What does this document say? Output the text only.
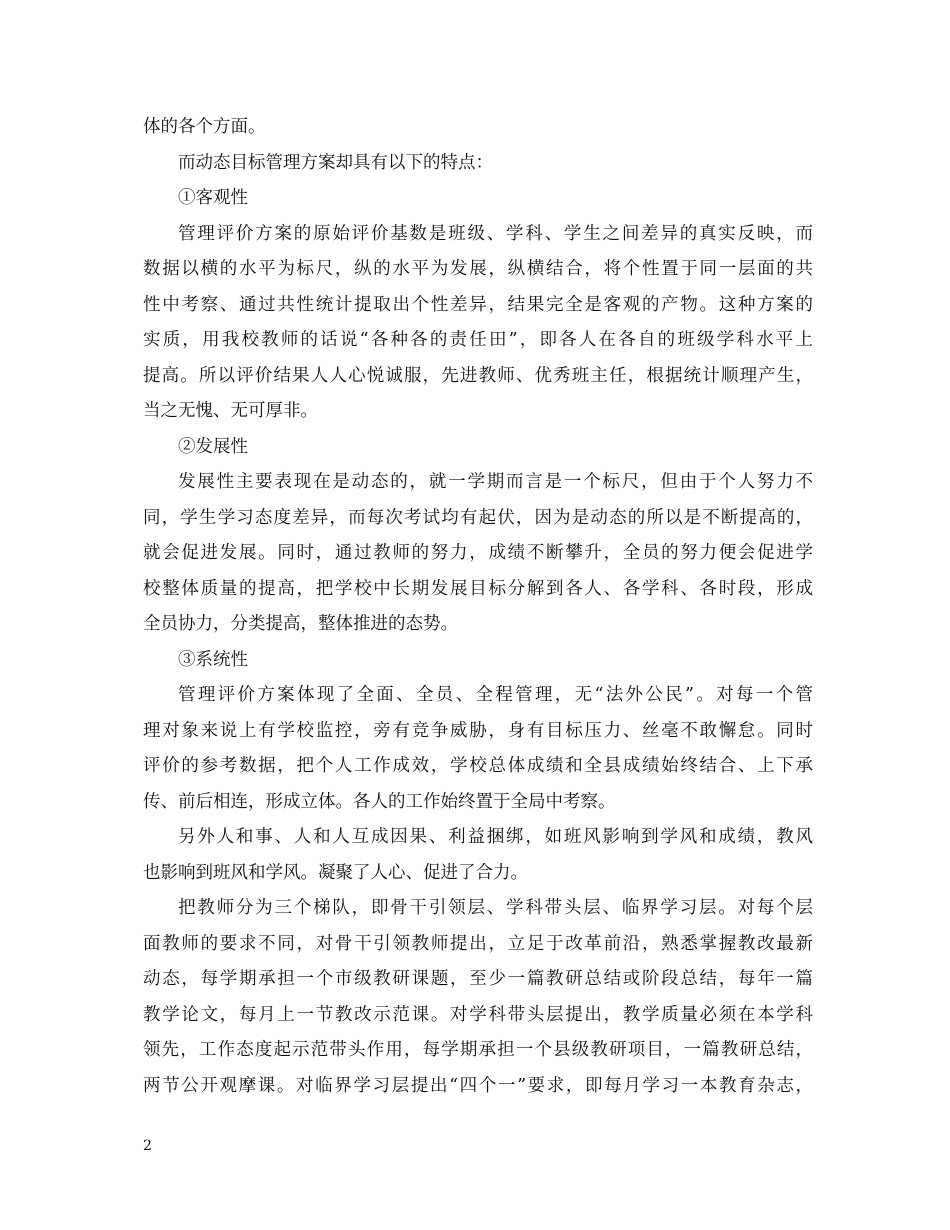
体的各个方面。
而动态目标管理方案却具有以下的特点：
①客观性
管理评价方案的原始评价基数是班级、学科、学生之间差异的真实反映，而
数据以横的水平为标尺，纵的水平为发展，纵横结合，将个性置于同一层面的共
性中考察、通过共性统计提取出个性差异，结果完全是客观的产物。这种方案的
实质，用我校教师的话说“各种各的责任田”，即各人在各自的班级学科水平上
提高。所以评价结果人人心悦诚服，先进教师、优秀班主任，根据统计顺理产生，
当之无愧、无可厚非。
②发展性
发展性主要表现在是动态的，就一学期而言是一个标尺，但由于个人努力不
同，学生学习态度差异，而每次考试均有起伏，因为是动态的所以是不断提高的，
就会促进发展。同时，通过教师的努力，成绩不断攀升，全员的努力便会促进学
校整体质量的提高，把学校中长期发展目标分解到各人、各学科、各时段，形成
全员协力，分类提高，整体推进的态势。
③系统性
管理评价方案体现了全面、全员、全程管理，无“法外公民”。对每一个管
理对象来说上有学校监控，旁有竞争威胁，身有目标压力、丝毫不敢懈怠。同时
评价的参考数据，把个人工作成效，学校总体成绩和全县成绩始终结合、上下承
传、前后相连，形成立体。各人的工作始终置于全局中考察。
另外人和事、人和人互成因果、利益捆绑，如班风影响到学风和成绩，教风
也影响到班风和学风。凝聚了人心、促进了合力。
把教师分为三个梯队，即骨干引领层、学科带头层、临界学习层。对每个层
面教师的要求不同，对骨干引领教师提出，立足于改革前沿，熟悉掌握教改最新
动态，每学期承担一个市级教研课题，至少一篇教研总结或阶段总结，每年一篇
教学论文，每月上一节教改示范课。对学科带头层提出，教学质量必须在本学科
领先，工作态度起示范带头作用，每学期承担一个县级教研项目，一篇教研总结，
两节公开观摩课。对临界学习层提出“四个一”要求，即每月学习一本教育杂志，
2
